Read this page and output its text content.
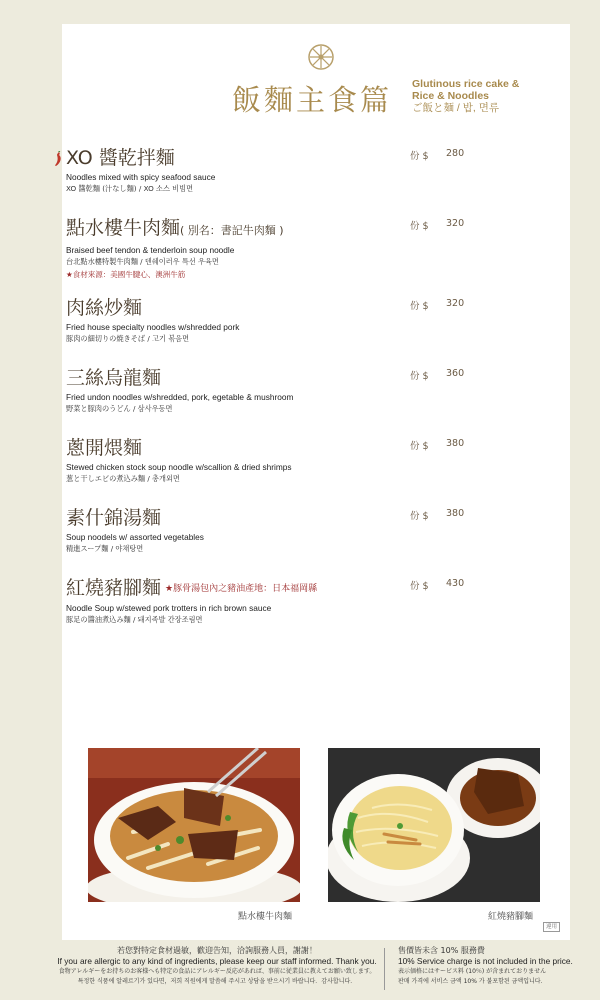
飯麵主食篇 Glutinous rice cake &
Rice & Noodles
ご飯と麺 / 밥, 면류
XO 醬乾拌麵
Noodles mixed with spicy seafood sauce
XO 醬乾麵 (汁なし麵) / XO 소스 비빔면
份 $ 280
點水樓牛肉麵( 別名：書記牛肉麵 )
Braised beef tendon & tenderloin soup noodle
台北點水樓特製牛肉麵 / 덴쉐이러우 특선 우육면
★食材來源：美國牛腱心、澳洲牛筋
份 $ 320
肉絲炒麵
Fried house specialty noodles w/shredded pork
豚肉の細切りの焼きそば / 고기 볶음면
份 $ 320
三絲烏龍麵
Fried undon noodles w/shredded, pork, egetable & mushroom
野菜と豚肉のうどん / 삼사우동면
份 $ 360
蔥開煨麵
Stewed chicken stock soup noodle w/scallion & dried shrimps
葱と干しエビの煮込み麵 / 총개외면
份 $ 380
素什錦湯麵
Soup noodels w/ assorted vegetables
精進スープ麵 / 야채탕면
份 $ 380
紅燒豬腳麵 ★豚骨湯包內之豬油產地：日本福岡縣
Noodle Soup w/stewed pork trotters in rich brown sauce
豚足の醬油煮込み麵 / 돼지족발 간장조림면
份 $ 430
點水樓牛肉麵	紅燒豬腳麵
違用
若您對特定食材過敏，歡迎告知，洽詢服務人員，謝謝！
If you are allergic to any kind of ingredients, please keep our staff informed. Thank you.
食物アレルギーをお持ちのお客様へも特定の食品にアレルギー反応があれば、事前に従業員に教えてお願い致します。
특정한 식품에 알레르기가 있다면，저희 직원에게 말씀해 주시고 상담을 받으시기 바랍니다．감사합니다．
售價皆未含 10% 服務費
10% Service charge is not included in the price.
表示価格にはサービス料 (10％) が含まれておりません
판매 가격에 서비스 금액 10% 가 불포함된 금액입니다．
